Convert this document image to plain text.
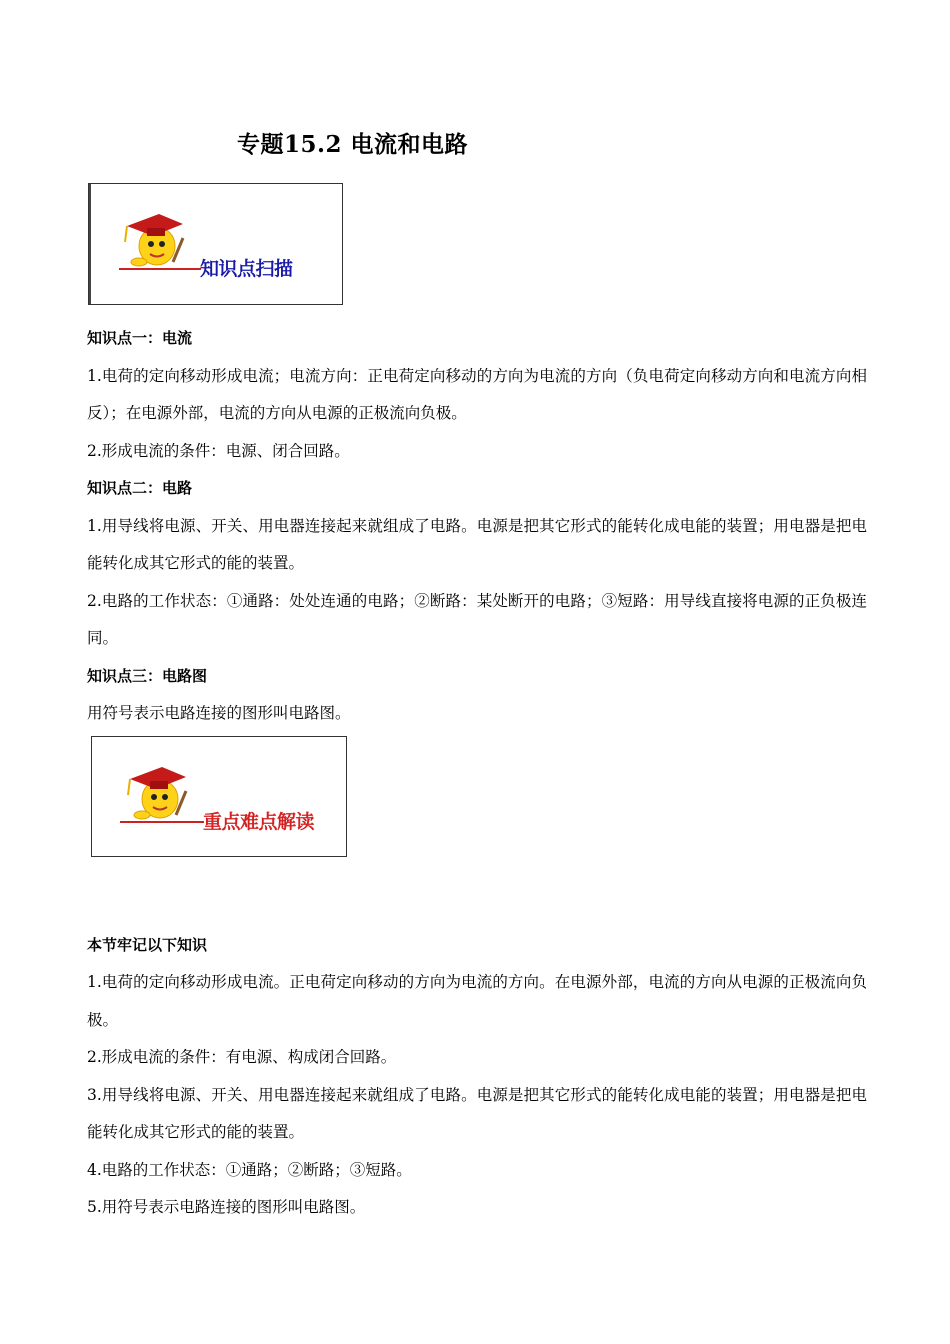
专题15.2 电流和电路
知识点扫描
知识点一：电流
1.电荷的定向移动形成电流；电流方向：正电荷定向移动的方向为电流的方向（负电荷定向移动方向和电流方向相反）；在电源外部，电流的方向从电源的正极流向负极。
2.形成电流的条件：电源、闭合回路。
知识点二：电路
1.用导线将电源、开关、用电器连接起来就组成了电路。电源是把其它形式的能转化成电能的装置；用电器是把电能转化成其它形式的能的装置。
2.电路的工作状态：①通路：处处连通的电路；②断路：某处断开的电路；③短路：用导线直接将电源的正负极连同。
知识点三：电路图
用符号表示电路连接的图形叫电路图。
本节牢记以下知识
1.电荷的定向移动形成电流。正电荷定向移动的方向为电流的方向。在电源外部，电流的方向从电源的正极流向负极。
2.形成电流的条件：有电源、构成闭合回路。
3.用导线将电源、开关、用电器连接起来就组成了电路。电源是把其它形式的能转化成电能的装置；用电器是把电能转化成其它形式的能的装置。
4.电路的工作状态：①通路；②断路；③短路。
5.用符号表示电路连接的图形叫电路图。
重点难点解读
